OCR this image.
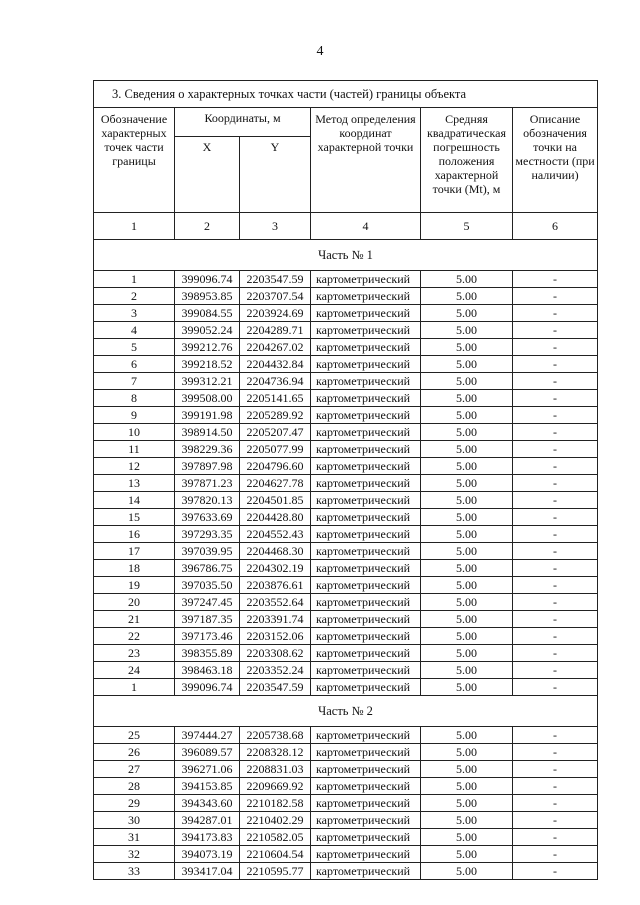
4
3. Сведения о характерных точках части (частей) границы объекта					
Обозначение характерных точек части границы	Координаты, м		Метод определения координат характерной точки	Средняя квадратическая погрешность положения характерной точки (Mt), м	Описание обозначения точки на местности (при наличии)
	X	Y			
1	2	3	4	5	6
Часть № 1					
1	399096.74	2203547.59	картометрический	5.00	-
2	398953.85	2203707.54	картометрический	5.00	-
3	399084.55	2203924.69	картометрический	5.00	-
4	399052.24	2204289.71	картометрический	5.00	-
5	399212.76	2204267.02	картометрический	5.00	-
6	399218.52	2204432.84	картометрический	5.00	-
7	399312.21	2204736.94	картометрический	5.00	-
8	399508.00	2205141.65	картометрический	5.00	-
9	399191.98	2205289.92	картометрический	5.00	-
10	398914.50	2205207.47	картометрический	5.00	-
11	398229.36	2205077.99	картометрический	5.00	-
12	397897.98	2204796.60	картометрический	5.00	-
13	397871.23	2204627.78	картометрический	5.00	-
14	397820.13	2204501.85	картометрический	5.00	-
15	397633.69	2204428.80	картометрический	5.00	-
16	397293.35	2204552.43	картометрический	5.00	-
17	397039.95	2204468.30	картометрический	5.00	-
18	396786.75	2204302.19	картометрический	5.00	-
19	397035.50	2203876.61	картометрический	5.00	-
20	397247.45	2203552.64	картометрический	5.00	-
21	397187.35	2203391.74	картометрический	5.00	-
22	397173.46	2203152.06	картометрический	5.00	-
23	398355.89	2203308.62	картометрический	5.00	-
24	398463.18	2203352.24	картометрический	5.00	-
1	399096.74	2203547.59	картометрический	5.00	-
Часть № 2					
25	397444.27	2205738.68	картометрический	5.00	-
26	396089.57	2208328.12	картометрический	5.00	-
27	396271.06	2208831.03	картометрический	5.00	-
28	394153.85	2209669.92	картометрический	5.00	-
29	394343.60	2210182.58	картометрический	5.00	-
30	394287.01	2210402.29	картометрический	5.00	-
31	394173.83	2210582.05	картометрический	5.00	-
32	394073.19	2210604.54	картометрический	5.00	-
33	393417.04	2210595.77	картометрический	5.00	-
